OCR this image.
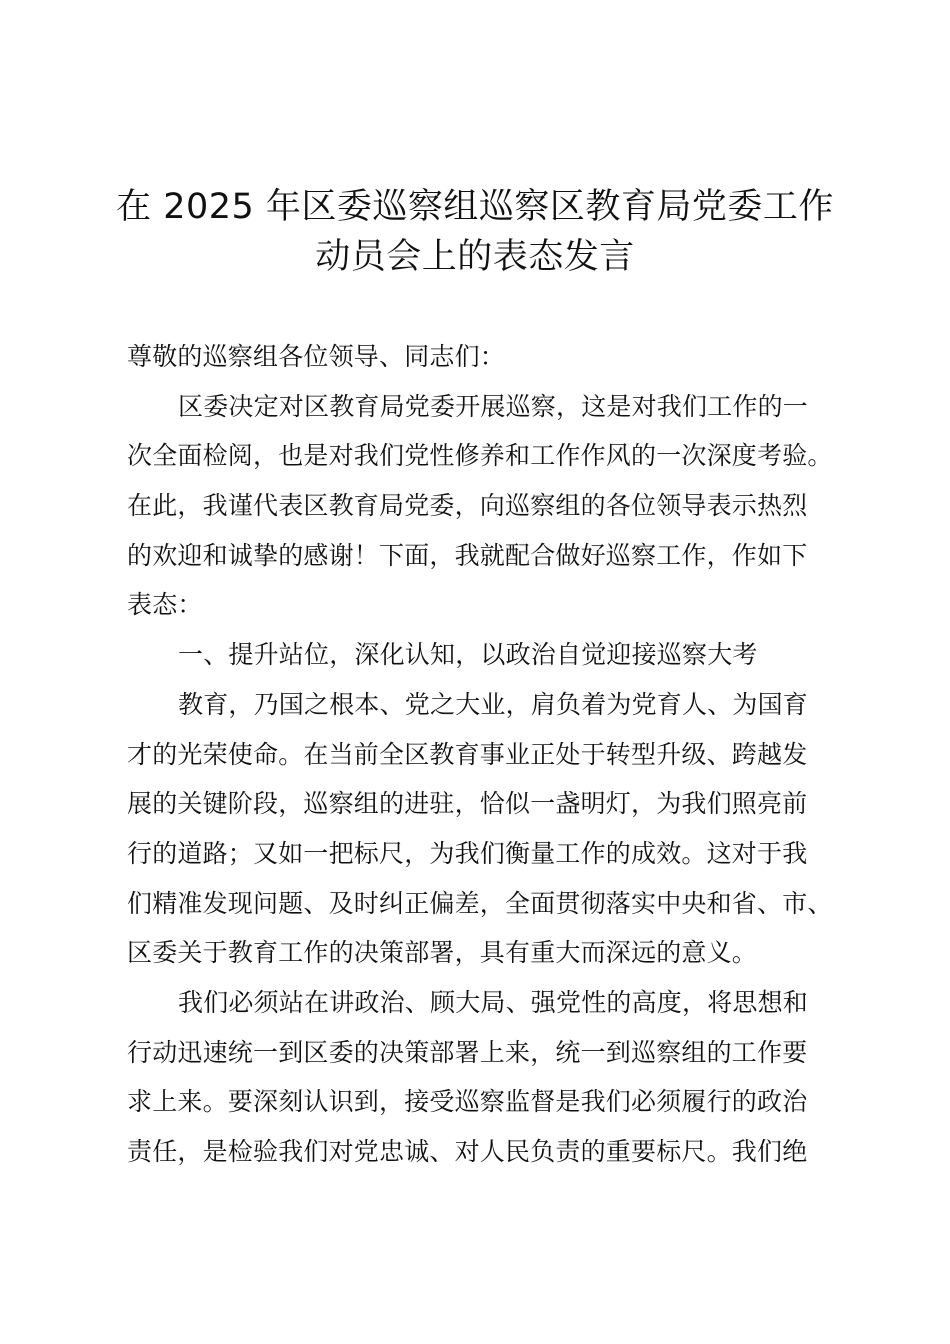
在 2025 年区委巡察组巡察区教育局党委工作
动员会上的表态发言
尊敬的巡察组各位领导、同志们：
区委决定对区教育局党委开展巡察，这是对我们工作的一
次全面检阅，也是对我们党性修养和工作作风的一次深度考验。
在此，我谨代表区教育局党委，向巡察组的各位领导表示热烈
的欢迎和诚挚的感谢！下面，我就配合做好巡察工作，作如下
表态：
一、提升站位，深化认知，以政治自觉迎接巡察大考
教育，乃国之根本、党之大业，肩负着为党育人、为国育
才的光荣使命。在当前全区教育事业正处于转型升级、跨越发
展的关键阶段，巡察组的进驻，恰似一盏明灯，为我们照亮前
行的道路；又如一把标尺，为我们衡量工作的成效。这对于我
们精准发现问题、及时纠正偏差，全面贯彻落实中央和省、市、
区委关于教育工作的决策部署，具有重大而深远的意义。
我们必须站在讲政治、顾大局、强党性的高度，将思想和
行动迅速统一到区委的决策部署上来，统一到巡察组的工作要
求上来。要深刻认识到，接受巡察监督是我们必须履行的政治
责任，是检验我们对党忠诚、对人民负责的重要标尺。我们绝
